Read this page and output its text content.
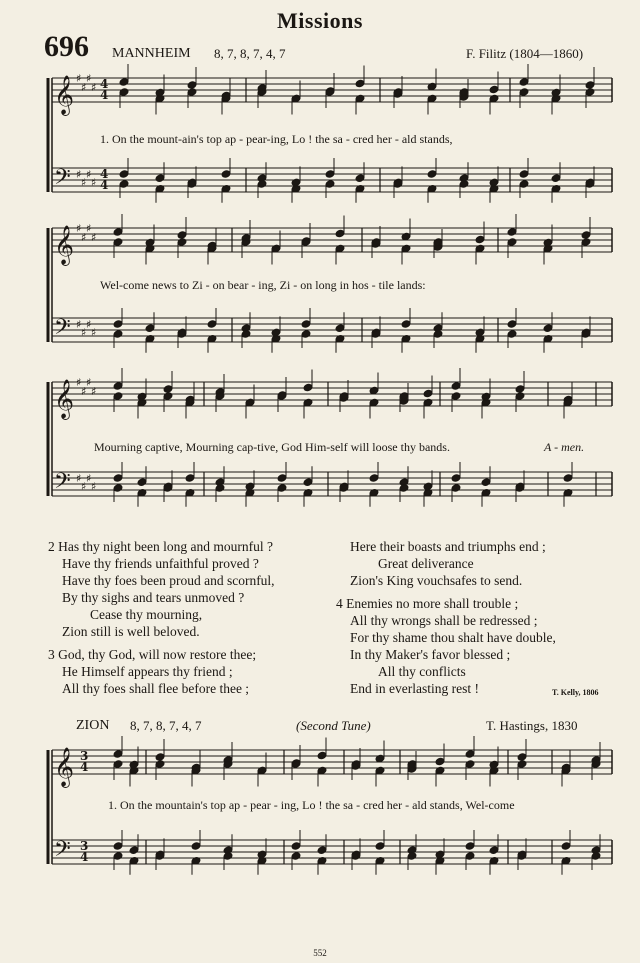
Missions
696 MANNHEIM 8, 7, 8, 7, 4, 7	F. Filitz (1804—1860)
𝄞
𝄢
♯
♯
♯
♯
♯
♯
♯
♯
4
4
4
4
𝄞
𝄢
♯
♯
♯
♯
♯
♯
♯
♯
𝄞
𝄢
♯
♯
♯
♯
♯
♯
♯
♯
𝄞
𝄢
3
4
3
4
1. On the mount-ain's top ap - pear-ing, Lo ! the sa - cred her - ald stands,
Wel-come news to Zi - on bear - ing, Zi - on long in hos - tile lands:
Mourning captive, Mourning cap-tive, God Him-self will loose thy bands.	A - men.
2 Has thy night been long and mournful ?
Have thy friends unfaithful proved ?
Have thy foes been proud and scornful,
By thy sighs and tears unmoved ?
Cease thy mourning,
Zion still is well beloved.
3 God, thy God, will now restore thee;
He Himself appears thy friend ;
All thy foes shall flee before thee ;
Here their boasts and triumphs end ;
Great deliverance
Zion's King vouchsafes to send.
4 Enemies no more shall trouble ;
All thy wrongs shall be redressed ;
For thy shame thou shalt have double,
In thy Maker's favor blessed ;
All thy conflicts
End in everlasting rest !	T. Kelly, 1806
ZION 8, 7, 8, 7, 4, 7	(Second Tune)	T. Hastings, 1830
1. On the mountain's top ap - pear - ing, Lo ! the sa - cred her - ald stands, Wel-come
552
